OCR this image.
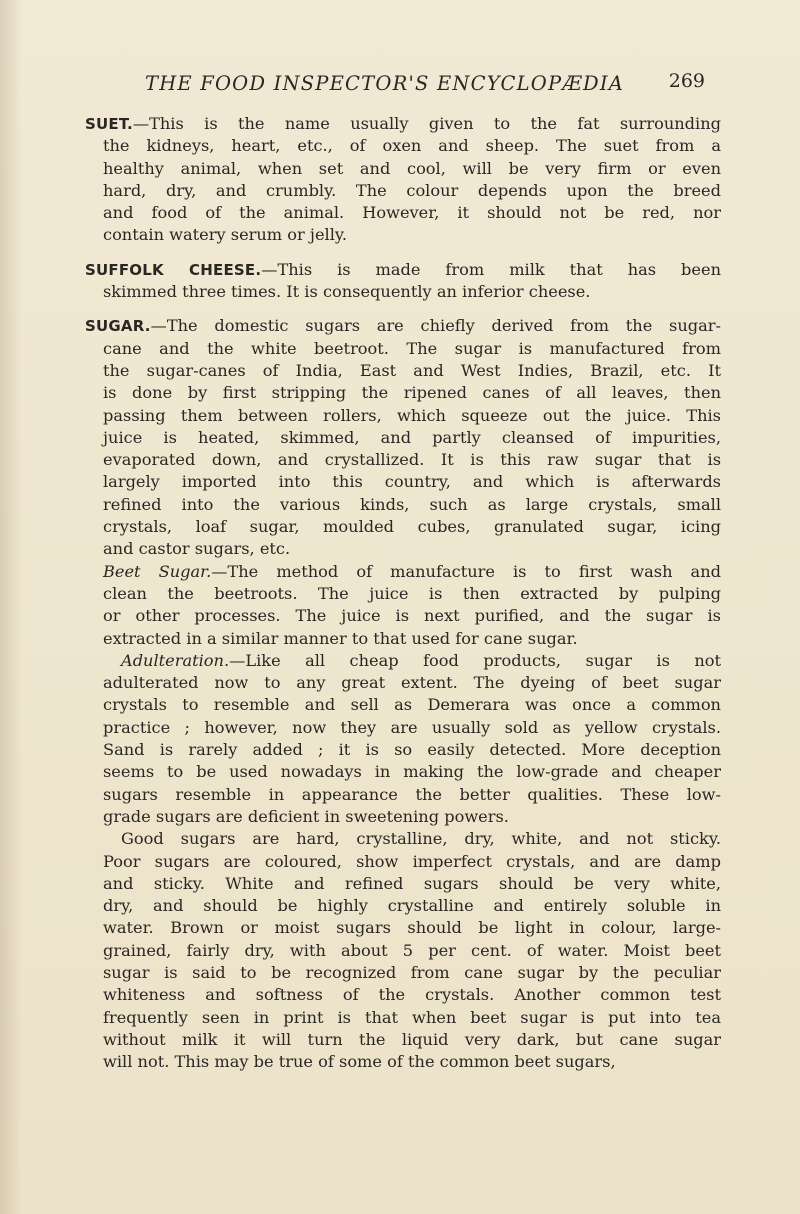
THE FOOD INSPECTOR'S ENCYCLOPÆDIA 269
SUET.—This is the name usually given to the fat surrounding
the kidneys, heart, etc., of oxen and sheep. The suet from a
healthy animal, when set and cool, will be very firm or even
hard, dry, and crumbly. The colour depends upon the breed
and food of the animal. However, it should not be red, nor
contain watery serum or jelly.
SUFFOLK CHEESE.—This is made from milk that has been
skimmed three times. It is consequently an inferior cheese.
SUGAR.—The domestic sugars are chiefly derived from the sugar-
cane and the white beetroot. The sugar is manufactured from
the sugar-canes of India, East and West Indies, Brazil, etc. It
is done by first stripping the ripened canes of all leaves, then
passing them between rollers, which squeeze out the juice. This
juice is heated, skimmed, and partly cleansed of impurities,
evaporated down, and crystallized. It is this raw sugar that is
largely imported into this country, and which is afterwards
refined into the various kinds, such as large crystals, small
crystals, loaf sugar, moulded cubes, granulated sugar, icing
and castor sugars, etc.
Beet Sugar.—The method of manufacture is to first wash and
clean the beetroots. The juice is then extracted by pulping
or other processes. The juice is next purified, and the sugar is
extracted in a similar manner to that used for cane sugar.
Adulteration.—Like all cheap food products, sugar is not
adulterated now to any great extent. The dyeing of beet sugar
crystals to resemble and sell as Demerara was once a common
practice ; however, now they are usually sold as yellow crystals.
Sand is rarely added ; it is so easily detected. More deception
seems to be used nowadays in making the low-grade and cheaper
sugars resemble in appearance the better qualities. These low-
grade sugars are deficient in sweetening powers.
Good sugars are hard, crystalline, dry, white, and not sticky.
Poor sugars are coloured, show imperfect crystals, and are damp
and sticky. White and refined sugars should be very white,
dry, and should be highly crystalline and entirely soluble in
water. Brown or moist sugars should be light in colour, large-
grained, fairly dry, with about 5 per cent. of water. Moist beet
sugar is said to be recognized from cane sugar by the peculiar
whiteness and softness of the crystals. Another common test
frequently seen in print is that when beet sugar is put into tea
without milk it will turn the liquid very dark, but cane sugar
will not. This may be true of some of the common beet sugars,
